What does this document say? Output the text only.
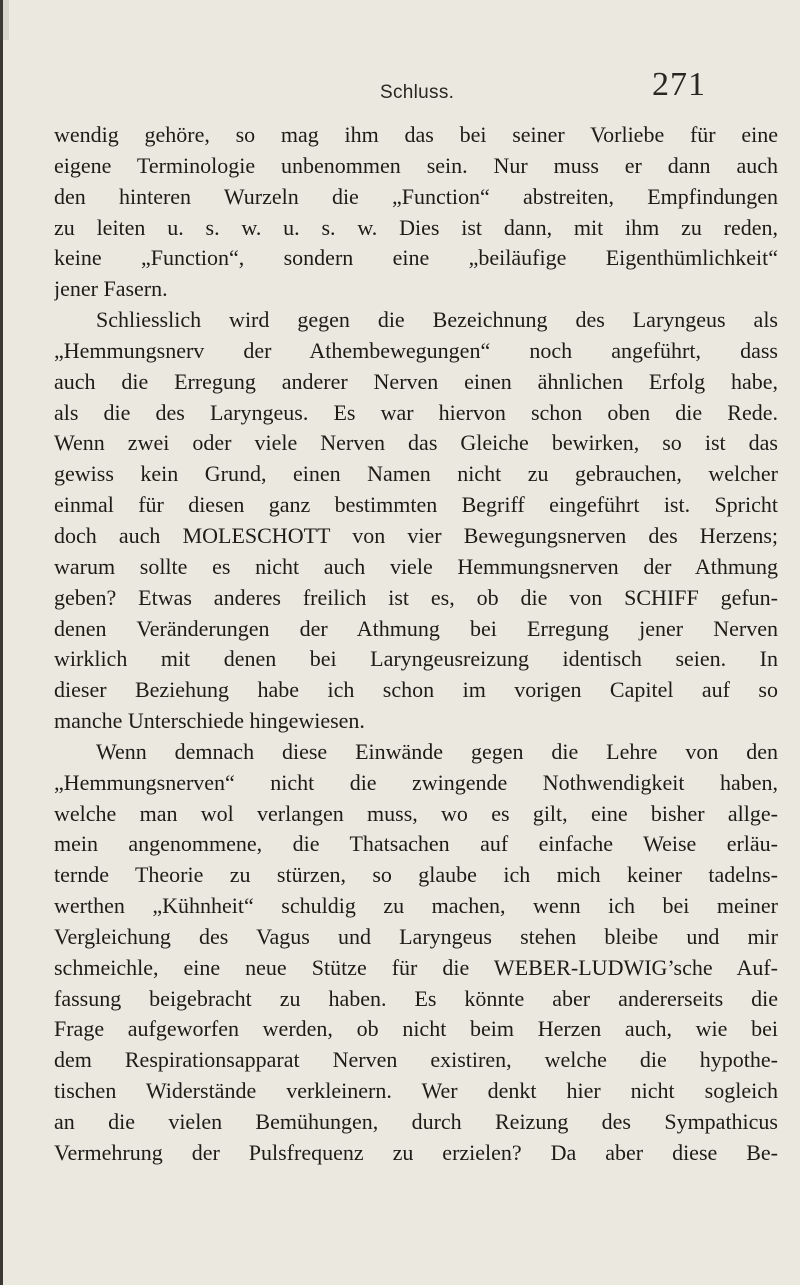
Schluss.	271
wendig gehöre, so mag ihm das bei seiner Vorliebe für eine
eigene Terminologie unbenommen sein. Nur muss er dann auch
den hinteren Wurzeln die „Function“ abstreiten, Empfindungen
zu leiten u. s. w. u. s. w. Dies ist dann, mit ihm zu reden,
keine „Function“, sondern eine „beiläufige Eigenthümlichkeit“
jener Fasern.
Schliesslich wird gegen die Bezeichnung des Laryngeus als
„Hemmungsnerv der Athembewegungen“ noch angeführt, dass
auch die Erregung anderer Nerven einen ähnlichen Erfolg habe,
als die des Laryngeus. Es war hiervon schon oben die Rede.
Wenn zwei oder viele Nerven das Gleiche bewirken, so ist das
gewiss kein Grund, einen Namen nicht zu gebrauchen, welcher
einmal für diesen ganz bestimmten Begriff eingeführt ist. Spricht
doch auch MOLESCHOTT von vier Bewegungsnerven des Herzens;
warum sollte es nicht auch viele Hemmungsnerven der Athmung
geben? Etwas anderes freilich ist es, ob die von SCHIFF gefun-
denen Veränderungen der Athmung bei Erregung jener Nerven
wirklich mit denen bei Laryngeusreizung identisch seien. In
dieser Beziehung habe ich schon im vorigen Capitel auf so
manche Unterschiede hingewiesen.
Wenn demnach diese Einwände gegen die Lehre von den
„Hemmungsnerven“ nicht die zwingende Nothwendigkeit haben,
welche man wol verlangen muss, wo es gilt, eine bisher allge-
mein angenommene, die Thatsachen auf einfache Weise erläu-
ternde Theorie zu stürzen, so glaube ich mich keiner tadelns-
werthen „Kühnheit“ schuldig zu machen, wenn ich bei meiner
Vergleichung des Vagus und Laryngeus stehen bleibe und mir
schmeichle, eine neue Stütze für die WEBER-LUDWIG’sche Auf-
fassung beigebracht zu haben. Es könnte aber andererseits die
Frage aufgeworfen werden, ob nicht beim Herzen auch, wie bei
dem Respirationsapparat Nerven existiren, welche die hypothe-
tischen Widerstände verkleinern. Wer denkt hier nicht sogleich
an die vielen Bemühungen, durch Reizung des Sympathicus
Vermehrung der Pulsfrequenz zu erzielen? Da aber diese Be-
